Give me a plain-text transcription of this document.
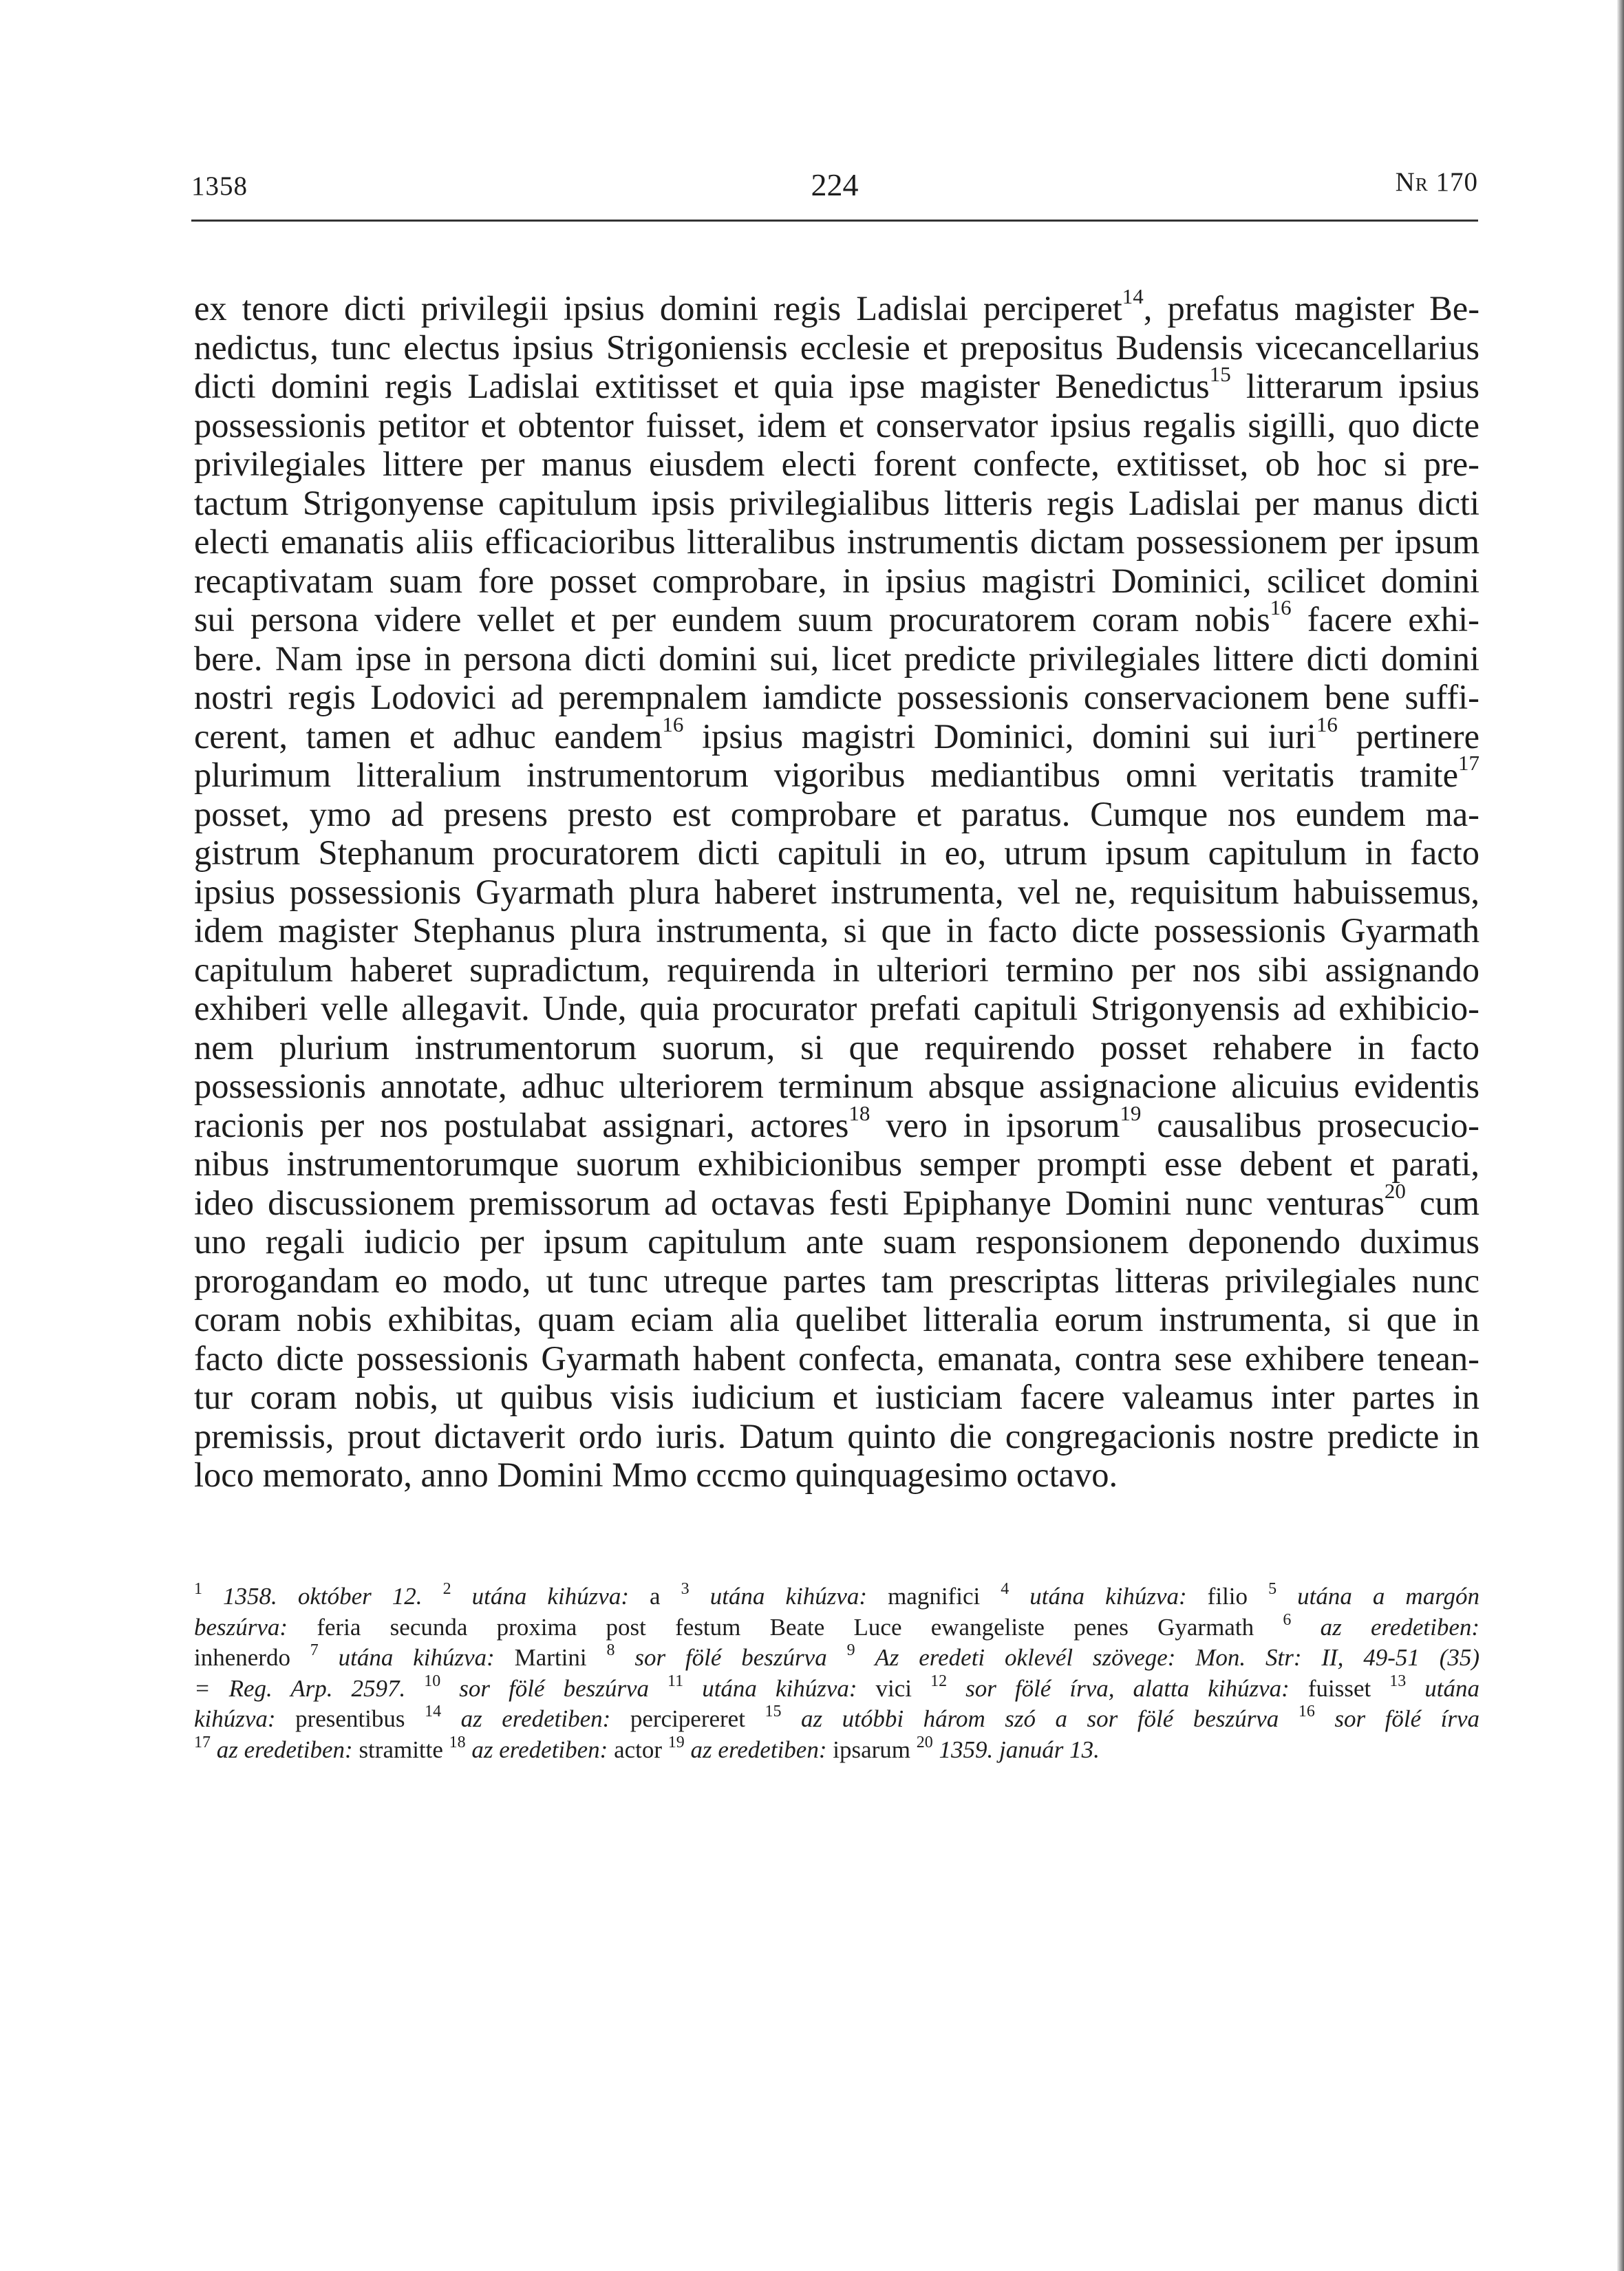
1358	224	Nr 170
ex tenore dicti privilegii ipsius domini regis Ladislai perciperet$^{14}$, prefatus magister Be-
nedictus, tunc electus ipsius Strigoniensis ecclesie et prepositus Budensis vicecancellarius
dicti domini regis Ladislai extitisset et quia ipse magister Benedictus$^{15}$ litterarum ipsius
possessionis petitor et obtentor fuisset, idem et conservator ipsius regalis sigilli, quo dicte
privilegiales littere per manus eiusdem electi forent confecte, extitisset, ob hoc si pre-
tactum Strigonyense capitulum ipsis privilegialibus litteris regis Ladislai per manus dicti
electi emanatis aliis efficacioribus litteralibus instrumentis dictam possessionem per ipsum
recaptivatam suam fore posset comprobare, in ipsius magistri Dominici, scilicet domini
sui persona videre vellet et per eundem suum procuratorem coram nobis$^{16}$ facere exhi-
bere. Nam ipse in persona dicti domini sui, licet predicte privilegiales littere dicti domini
nostri regis Lodovici ad perempnalem iamdicte possessionis conservacionem bene suffi-
cerent, tamen et adhuc eandem$^{16}$ ipsius magistri Dominici, domini sui iuri$^{16}$ pertinere
plurimum litteralium instrumentorum vigoribus mediantibus omni veritatis tramite$^{17}$
posset, ymo ad presens presto est comprobare et paratus. Cumque nos eundem ma-
gistrum Stephanum procuratorem dicti capituli in eo, utrum ipsum capitulum in facto
ipsius possessionis Gyarmath plura haberet instrumenta, vel ne, requisitum habuissemus,
idem magister Stephanus plura instrumenta, si que in facto dicte possessionis Gyarmath
capitulum haberet supradictum, requirenda in ulteriori termino per nos sibi assignando
exhiberi velle allegavit. Unde, quia procurator prefati capituli Strigonyensis ad exhibicio-
nem plurium instrumentorum suorum, si que requirendo posset rehabere in facto
possessionis annotate, adhuc ulteriorem terminum absque assignacione alicuius evidentis
racionis per nos postulabat assignari, actores$^{18}$ vero in ipsorum$^{19}$ causalibus prosecucio-
nibus instrumentorumque suorum exhibicionibus semper prompti esse debent et parati,
ideo discussionem premissorum ad octavas festi Epiphanye Domini nunc venturas$^{20}$ cum
uno regali iudicio per ipsum capitulum ante suam responsionem deponendo duximus
prorogandam eo modo, ut tunc utreque partes tam prescriptas litteras privilegiales nunc
coram nobis exhibitas, quam eciam alia quelibet litteralia eorum instrumenta, si que in
facto dicte possessionis Gyarmath habent confecta, emanata, contra sese exhibere tenean-
tur coram nobis, ut quibus visis iudicium et iusticiam facere valeamus inter partes in
premissis, prout dictaverit ordo iuris. Datum quinto die congregacionis nostre predicte in
loco memorato, anno Domini Mmo cccmo quinquagesimo octavo.
$^1$ 1358. október 12. $^2$ utána kihúzva: a $^3$ utána kihúzva: magnifici $^4$ utána kihúzva: filio $^5$ utána a margón
beszúrva: feria secunda proxima post festum Beate Luce ewangeliste penes Gyarmath $^6$ az eredetiben:
inhenerdo $^7$ utána kihúzva: Martini $^8$ sor fölé beszúrva $^9$ Az eredeti oklevél szövege: Mon. Str: II, 49-51 (35)
= Reg. Arp. 2597. $^{10}$ sor fölé beszúrva $^{11}$ utána kihúzva: vici $^{12}$ sor fölé írva, alatta kihúzva: fuisset $^{13}$ utána
kihúzva: presentibus $^{14}$ az eredetiben: percipereret $^{15}$ az utóbbi három szó a sor fölé beszúrva $^{16}$ sor fölé írva
$^{17}$ az eredetiben: stramitte $^{18}$ az eredetiben: actor $^{19}$ az eredetiben: ipsarum $^{20}$ 1359. január 13.
